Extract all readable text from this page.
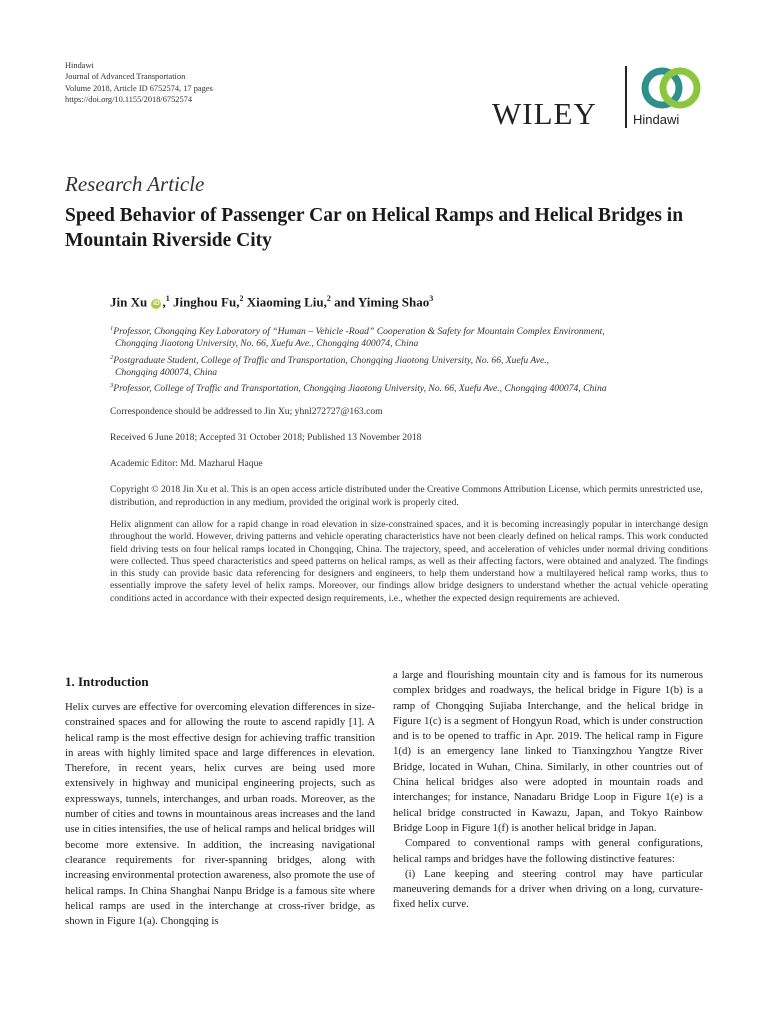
Hindawi
Journal of Advanced Transportation
Volume 2018, Article ID 6752574, 17 pages
https://doi.org/10.1155/2018/6752574	WILEY	Hindawi
Research Article
Speed Behavior of Passenger Car on Helical Ramps and Helical Bridges in Mountain Riverside City
Jin Xu iD ,$^1$ Jinghou Fu,$^2$ Xiaoming Liu,$^2$ and Yiming Shao$^3$
$^1$Professor, Chongqing Key Laboratory of “Human – Vehicle -Road” Cooperation & Safety for Mountain Complex Environment,
Chongqing Jiaotong University, No. 66, Xuefu Ave., Chongqing 400074, China
$^2$Postgraduate Student, College of Traffic and Transportation, Chongqing Jiaotong University, No. 66, Xuefu Ave.,
Chongqing 400074, China
$^3$Professor, College of Traffic and Transportation, Chongqing Jiaotong University, No. 66, Xuefu Ave., Chongqing 400074, China
Correspondence should be addressed to Jin Xu; yhnl272727@163.com
Received 6 June 2018; Accepted 31 October 2018; Published 13 November 2018
Academic Editor: Md. Mazharul Haque
Copyright © 2018 Jin Xu et al. This is an open access article distributed under the Creative Commons Attribution License, which permits unrestricted use, distribution, and reproduction in any medium, provided the original work is properly cited.
Helix alignment can allow for a rapid change in road elevation in size-constrained spaces, and it is becoming increasingly popular in interchange design throughout the world. However, driving patterns and vehicle operating characteristics have not been clearly defined on helical ramps. This work conducted field driving tests on four helical ramps located in Chongqing, China. The trajectory, speed, and acceleration of vehicles under normal driving conditions were collected. Thus speed characteristics and speed patterns on helical ramps, as well as their affecting factors, were obtained and analyzed. The findings in this study can provide basic data referencing for designers and engineers, to help them understand how a multilayered helical ramp works, thus to essentially improve the safety level of helix ramps. Moreover, our findings allow bridge designers to understand whether the actual vehicle operating conditions acted in accordance with their expected design requirements, i.e., whether the expected design requirements are achieved.
1. Introduction

Helix curves are effective for overcoming elevation differences in size-constrained spaces and for allowing the route to ascend rapidly [1]. A helical ramp is the most effective design for achieving traffic transition in areas with highly limited space and large differences in elevation. Therefore, in recent years, helix curves are being used more extensively in highway and municipal engineering projects, such as expressways, tunnels, interchanges, and urban roads. Moreover, as the number of cities and towns in mountainous areas increases and the land use in cities intensifies, the use of helical ramps and helical bridges will become more extensive. In addition, the increasing navigational clearance requirements for river-spanning bridges, along with increasing environmental protection awareness, also promote the use of helical ramps. In China Shanghai Nanpu Bridge is a famous site where helical ramps are used in the interchange at cross-river bridge, as shown in Figure 1(a). Chongqing is

a large and flourishing mountain city and is famous for its numerous complex bridges and roadways, the helical bridge in Figure 1(b) is a ramp of Chongqing Sujiaba Interchange, and the helical bridge in Figure 1(c) is a segment of Hongyun Road, which is under construction and is to be opened to traffic in Apr. 2019. The helical ramp in Figure 1(d) is an emergency lane linked to Tianxingzhou Yangtze River Bridge, located in Wuhan, China. Similarly, in other countries out of China helical bridges also were adopted in mountain roads and interchanges; for instance, Nanadaru Bridge Loop in Figure 1(e) is a helical bridge constructed in Kawazu, Japan, and Tokyo Rainbow Bridge Loop in Figure 1(f) is another helical bridge in Japan.

Compared to conventional ramps with general configurations, helical ramps and bridges have the following distinctive features:

(i) Lane keeping and steering control may have particular maneuvering demands for a driver when driving on a long, curvature-fixed helix curve.
